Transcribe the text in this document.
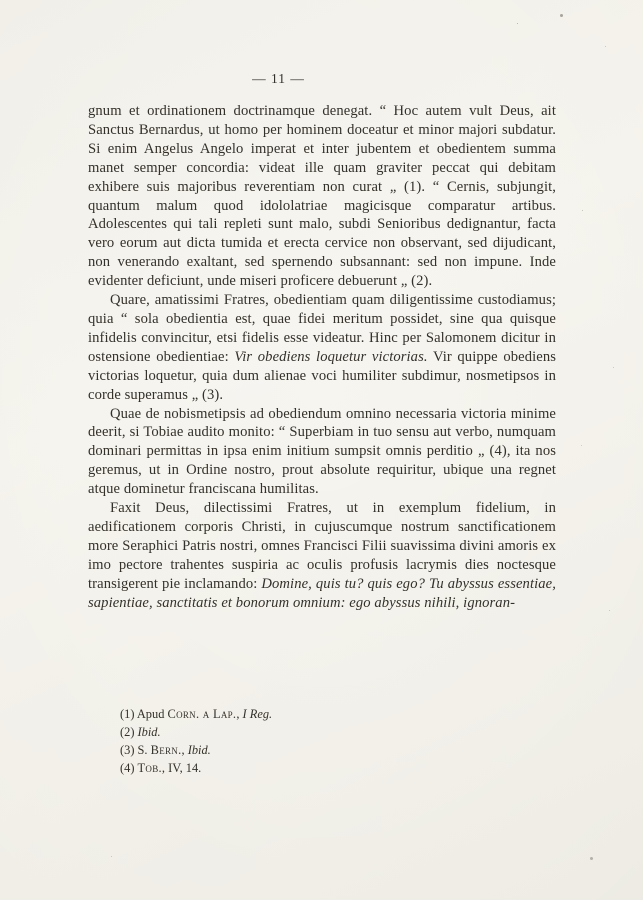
— 11 —

gnum et ordinationem doctrinamque denegat. “ Hoc autem vult Deus, ait Sanctus Bernardus, ut homo per hominem doceatur et minor majori subdatur. Si enim Angelus Angelo imperat et inter jubentem et obedientem summa manet semper concordia: videat ille quam graviter peccat qui debitam exhibere suis majoribus reverentiam non curat „ (1). “ Cernis, subjungit, quantum malum quod idololatriae magicisque comparatur artibus. Adolescentes qui tali repleti sunt malo, subdi Senioribus dedignantur, facta vero eorum aut dicta tumida et erecta cervice non observant, sed dijudicant, non venerando exaltant, sed spernendo subsannant: sed non impune. Inde evidenter deficiunt, unde miseri proficere debuerunt „ (2).

Quare, amatissimi Fratres, obedientiam quam diligentissime custodiamus; quia “ sola obedientia est, quae fidei meritum possidet, sine qua quisque infidelis convincitur, etsi fidelis esse videatur. Hinc per Salomonem dicitur in ostensione obedientiae: Vir obediens loquetur victorias. Vir quippe obediens victorias loquetur, quia dum alienae voci humiliter subdimur, nosmetipsos in corde superamus „ (3).

Quae de nobismetipsis ad obediendum omnino necessaria victoria minime deerit, si Tobiae audito monito: “ Superbiam in tuo sensu aut verbo, numquam dominari permittas in ipsa enim initium sumpsit omnis perditio „ (4), ita nos geremus, ut in Ordine nostro, prout absolute requiritur, ubique una regnet atque dominetur franciscana humilitas.

Faxit Deus, dilectissimi Fratres, ut in exemplum fidelium, in aedificationem corporis Christi, in cujuscumque nostrum sanctificationem more Seraphici Patris nostri, omnes Francisci Filii suavissima divini amoris ex imo pectore trahentes suspiria ac oculis profusis lacrymis dies noctesque transigerent pie inclamando: Domine, quis tu? quis ego? Tu abyssus essentiae, sapientiae, sanctitatis et bonorum omnium: ego abyssus nihili, ignoran-

(1) Apud Corn. a Lap., I Reg.
(2) Ibid.
(3) S. Bern., Ibid.
(4) Tob., IV, 14.
